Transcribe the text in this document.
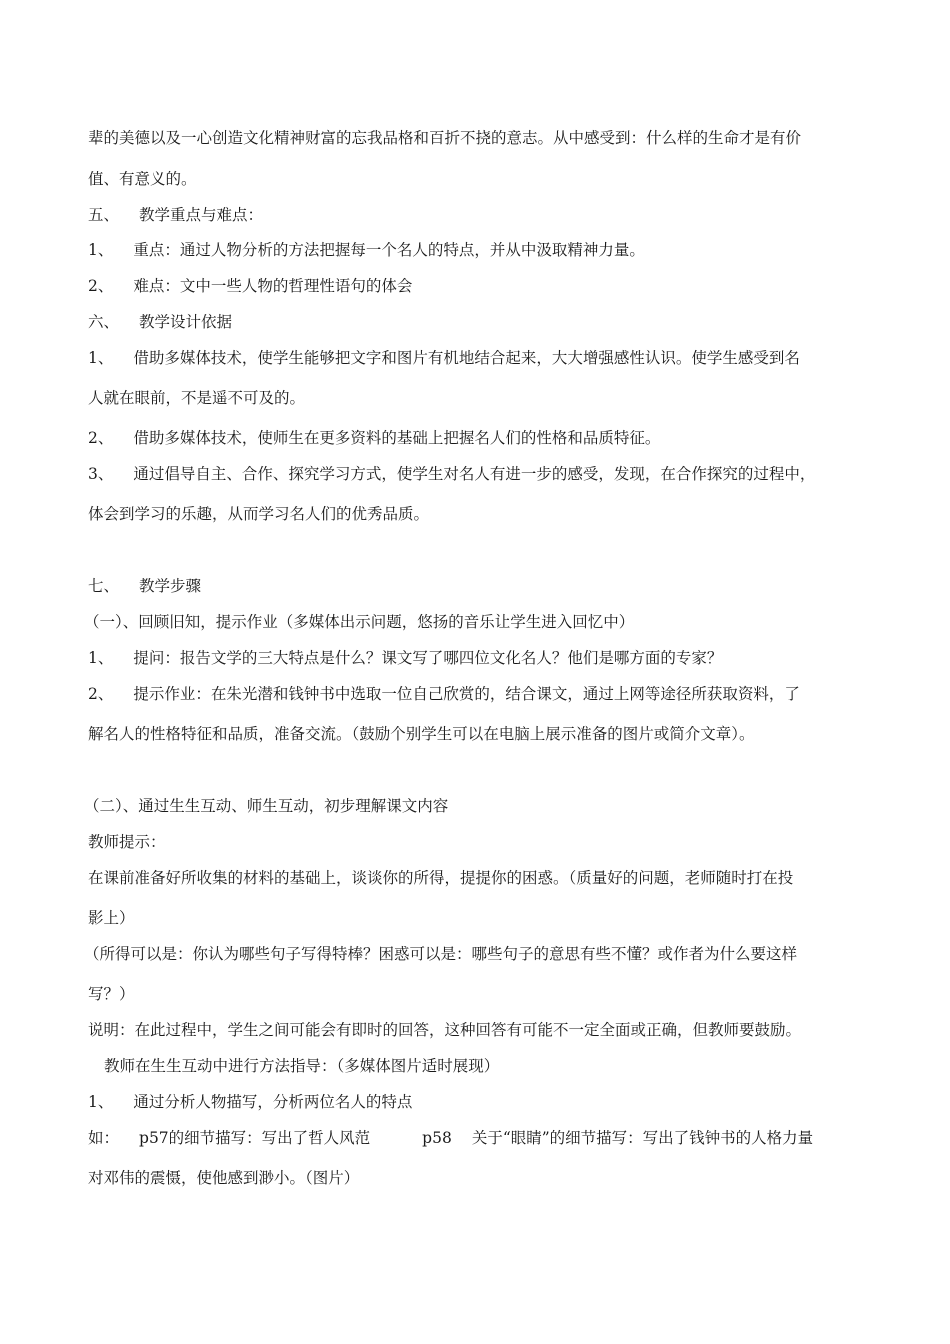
辈的美德以及一心创造文化精神财富的忘我品格和百折不挠的意志。从中感受到：什么样的生命才是有价
值、有意义的。
五、 教学重点与难点：
1、 重点：通过人物分析的方法把握每一个名人的特点，并从中汲取精神力量。
2、 难点：文中一些人物的哲理性语句的体会
六、 教学设计依据
1、 借助多媒体技术，使学生能够把文字和图片有机地结合起来，大大增强感性认识。使学生感受到名
人就在眼前，不是遥不可及的。
2、 借助多媒体技术，使师生在更多资料的基础上把握名人们的性格和品质特征。
3、 通过倡导自主、合作、探究学习方式，使学生对名人有进一步的感受，发现，在合作探究的过程中，
体会到学习的乐趣，从而学习名人们的优秀品质。
七、 教学步骤
（一）、回顾旧知，提示作业（多媒体出示问题，悠扬的音乐让学生进入回忆中）
1、 提问：报告文学的三大特点是什么？课文写了哪四位文化名人？他们是哪方面的专家？
2、 提示作业：在朱光潜和钱钟书中选取一位自己欣赏的，结合课文，通过上网等途径所获取资料，了
解名人的性格特征和品质，准备交流。（鼓励个别学生可以在电脑上展示准备的图片或简介文章）。
（二）、通过生生互动、师生互动，初步理解课文内容
教师提示：
在课前准备好所收集的材料的基础上，谈谈你的所得，提提你的困惑。（质量好的问题，老师随时打在投
影上）
（所得可以是：你认为哪些句子写得特棒？困惑可以是：哪些句子的意思有些不懂？或作者为什么要这样
写？）
说明：在此过程中，学生之间可能会有即时的回答，这种回答有可能不一定全面或正确，但教师要鼓励。
教师在生生互动中进行方法指导：（多媒体图片适时展现）
1、 通过分析人物描写，分析两位名人的特点
如： p57的细节描写：写出了哲人风范	p58 关于“眼睛”的细节描写：写出了钱钟书的人格力量
对邓伟的震慑，使他感到渺小。（图片）
